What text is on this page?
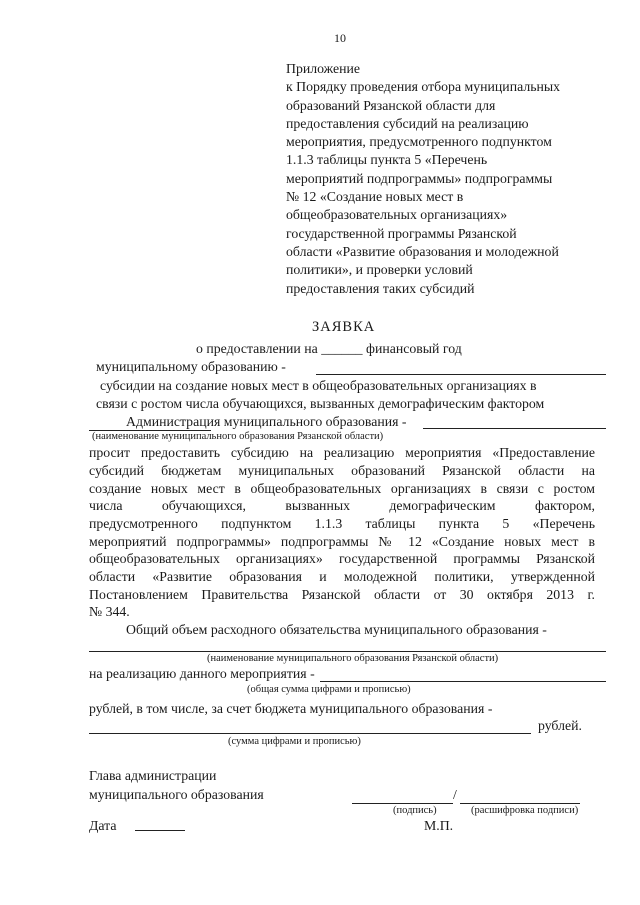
10
Приложение
к Порядку проведения отбора муниципальных
образований Рязанской области для
предоставления субсидий на реализацию
мероприятия, предусмотренного подпунктом
1.1.3 таблицы пункта 5 «Перечень
мероприятий подпрограммы» подпрограммы
№ 12 «Создание новых мест в
общеобразовательных организациях»
государственной программы Рязанской
области «Развитие образования и молодежной
политики», и проверки условий
предоставления таких субсидий
ЗАЯВКА
о предоставлении на ______ финансовый год
муниципальному образованию -
субсидии на создание новых мест в общеобразовательных организациях в
связи с ростом числа обучающихся, вызванных демографическим фактором
Администрация муниципального образования -
(наименование муниципального образования Рязанской области)
просит предоставить субсидию на реализацию мероприятия «Предоставление
субсидий бюджетам муниципальных образований Рязанской области на
создание новых мест в общеобразовательных организациях в связи с ростом
числа обучающихся, вызванных демографическим фактором,
предусмотренного подпунктом 1.1.3 таблицы пункта 5 «Перечень
мероприятий подпрограммы» подпрограммы № 12 «Создание новых мест в
общеобразовательных организациях» государственной программы Рязанской
области «Развитие образования и молодежной политики, утвержденной
Постановлением Правительства Рязанской области от 30 октября 2013 г.
№ 344.
Общий объем расходного обязательства муниципального образования -
(наименование муниципального образования Рязанской области)
на реализацию данного мероприятия -
(общая сумма цифрами и прописью)
рублей, в том числе, за счет бюджета муниципального образования -
рублей.
(сумма цифрами и прописью)
Глава администрации
муниципального образования	/
(подпись)	(расшифровка подписи)
Дата	М.П.
